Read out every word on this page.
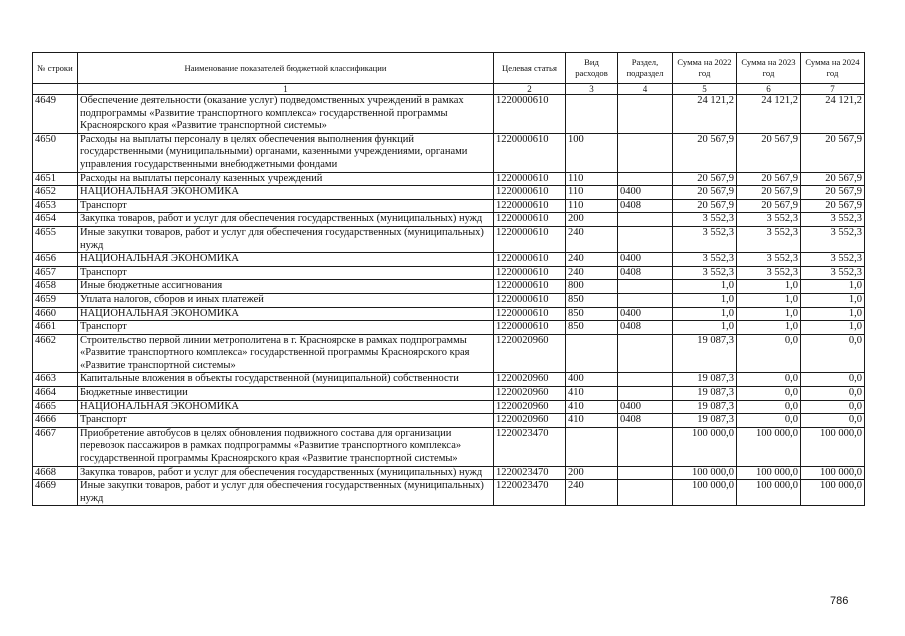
№ строки	Наименование показателей бюджетной классификации	Целевая статья	Вид расходов	Раздел, подраздел	Сумма на 2022 год	Сумма на 2023 год	Сумма на 2024 год
	1	2	3	4	5	6	7
4649	Обеспечение деятельности (оказание услуг) подведомственных учреждений в рамках подпрограммы «Развитие транспортного комплекса» государственной программы Красноярского края «Развитие транспортной системы»	1220000610			24 121,2	24 121,2	24 121,2
4650	Расходы на выплаты персоналу в целях обеспечения выполнения функций государственными (муниципальными) органами, казенными учреждениями, органами управления государственными внебюджетными фондами	1220000610	100		20 567,9	20 567,9	20 567,9
4651	Расходы на выплаты персоналу казенных учреждений	1220000610	110		20 567,9	20 567,9	20 567,9
4652	НАЦИОНАЛЬНАЯ ЭКОНОМИКА	1220000610	110	0400	20 567,9	20 567,9	20 567,9
4653	Транспорт	1220000610	110	0408	20 567,9	20 567,9	20 567,9
4654	Закупка товаров, работ и услуг для обеспечения государственных (муниципальных) нужд	1220000610	200		3 552,3	3 552,3	3 552,3
4655	Иные закупки товаров, работ и услуг для обеспечения государственных (муниципальных) нужд	1220000610	240		3 552,3	3 552,3	3 552,3
4656	НАЦИОНАЛЬНАЯ ЭКОНОМИКА	1220000610	240	0400	3 552,3	3 552,3	3 552,3
4657	Транспорт	1220000610	240	0408	3 552,3	3 552,3	3 552,3
4658	Иные бюджетные ассигнования	1220000610	800		1,0	1,0	1,0
4659	Уплата налогов, сборов и иных платежей	1220000610	850		1,0	1,0	1,0
4660	НАЦИОНАЛЬНАЯ ЭКОНОМИКА	1220000610	850	0400	1,0	1,0	1,0
4661	Транспорт	1220000610	850	0408	1,0	1,0	1,0
4662	Строительство первой линии метрополитена в г. Красноярске в рамках подпрограммы «Развитие транспортного комплекса» государственной программы Красноярского края «Развитие транспортной системы»	1220020960			19 087,3	0,0	0,0
4663	Капитальные вложения в объекты государственной (муниципальной) собственности	1220020960	400		19 087,3	0,0	0,0
4664	Бюджетные инвестиции	1220020960	410		19 087,3	0,0	0,0
4665	НАЦИОНАЛЬНАЯ ЭКОНОМИКА	1220020960	410	0400	19 087,3	0,0	0,0
4666	Транспорт	1220020960	410	0408	19 087,3	0,0	0,0
4667	Приобретение автобусов в целях обновления подвижного состава для организации перевозок пассажиров в рамках подпрограммы «Развитие транспортного комплекса» государственной программы Красноярского края «Развитие транспортной системы»	1220023470			100 000,0	100 000,0	100 000,0
4668	Закупка товаров, работ и услуг для обеспечения государственных (муниципальных) нужд	1220023470	200		100 000,0	100 000,0	100 000,0
4669	Иные закупки товаров, работ и услуг для обеспечения государственных (муниципальных) нужд	1220023470	240		100 000,0	100 000,0	100 000,0
786
